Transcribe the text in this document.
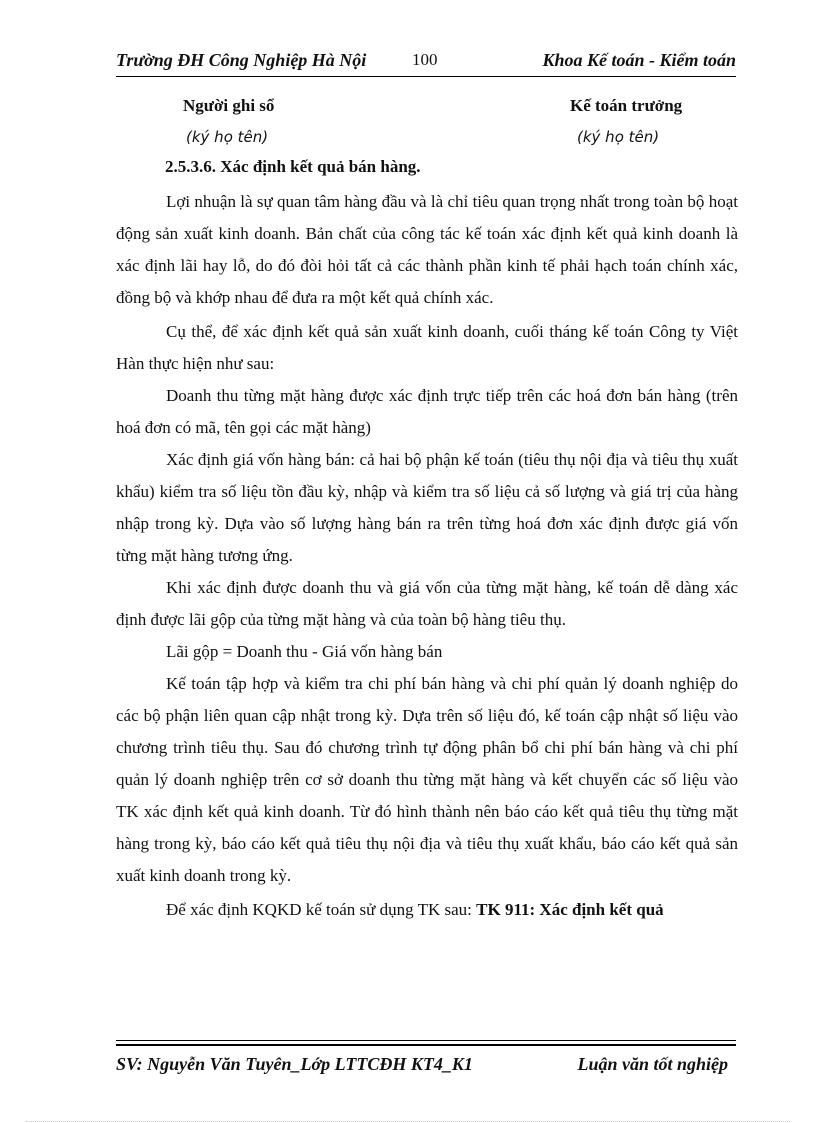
Trường ĐH Công Nghiệp Hà Nội	100	Khoa Kế toán - Kiểm toán
Người ghi sổ
(ký họ tên)
Kế toán trưởng
(ký họ tên)
2.5.3.6. Xác định kết quả bán hàng.

Lợi nhuận là sự quan tâm hàng đầu và là chỉ tiêu quan trọng nhất trong toàn bộ hoạt động sản xuất kinh doanh. Bản chất của công tác kế toán xác định kết quả kinh doanh là xác định lãi hay lỗ, do đó đòi hỏi tất cả các thành phần kinh tế phải hạch toán chính xác, đồng bộ và khớp nhau để đưa ra một kết quả chính xác.

Cụ thể, để xác định kết quả sản xuất kinh doanh, cuối tháng kế toán Công ty Việt Hàn thực hiện như sau:

Doanh thu từng mặt hàng được xác định trực tiếp trên các hoá đơn bán hàng (trên hoá đơn có mã, tên gọi các mặt hàng)

Xác định giá vốn hàng bán: cả hai bộ phận kế toán (tiêu thụ nội địa và tiêu thụ xuất khẩu) kiểm tra số liệu tồn đầu kỳ, nhập và kiểm tra số liệu cả số lượng và giá trị của hàng nhập trong kỳ. Dựa vào số lượng hàng bán ra trên từng hoá đơn xác định được giá vốn từng mặt hàng tương ứng.

Khi xác định được doanh thu và giá vốn của từng mặt hàng, kế toán dễ dàng xác định được lãi gộp của từng mặt hàng và của toàn bộ hàng tiêu thụ.

Lãi gộp = Doanh thu - Giá vốn hàng bán

Kế toán tập hợp và kiểm tra chi phí bán hàng và chi phí quản lý doanh nghiệp do các bộ phận liên quan cập nhật trong kỳ. Dựa trên số liệu đó, kế toán cập nhật số liệu vào chương trình tiêu thụ. Sau đó chương trình tự động phân bổ chi phí bán hàng và chi phí quản lý doanh nghiệp trên cơ sở doanh thu từng mặt hàng và kết chuyển các số liệu vào TK xác định kết quả kinh doanh. Từ đó hình thành nên báo cáo kết quả tiêu thụ từng mặt hàng trong kỳ, báo cáo kết quả tiêu thụ nội địa và tiêu thụ xuất khẩu, báo cáo kết quả sản xuất kinh doanh trong kỳ.

Để xác định KQKD kế toán sử dụng TK sau: TK 911: Xác định kết quả

SV: Nguyễn Văn Tuyên_Lớp LTTCĐH KT4_K1	Luận văn tốt nghiệp
